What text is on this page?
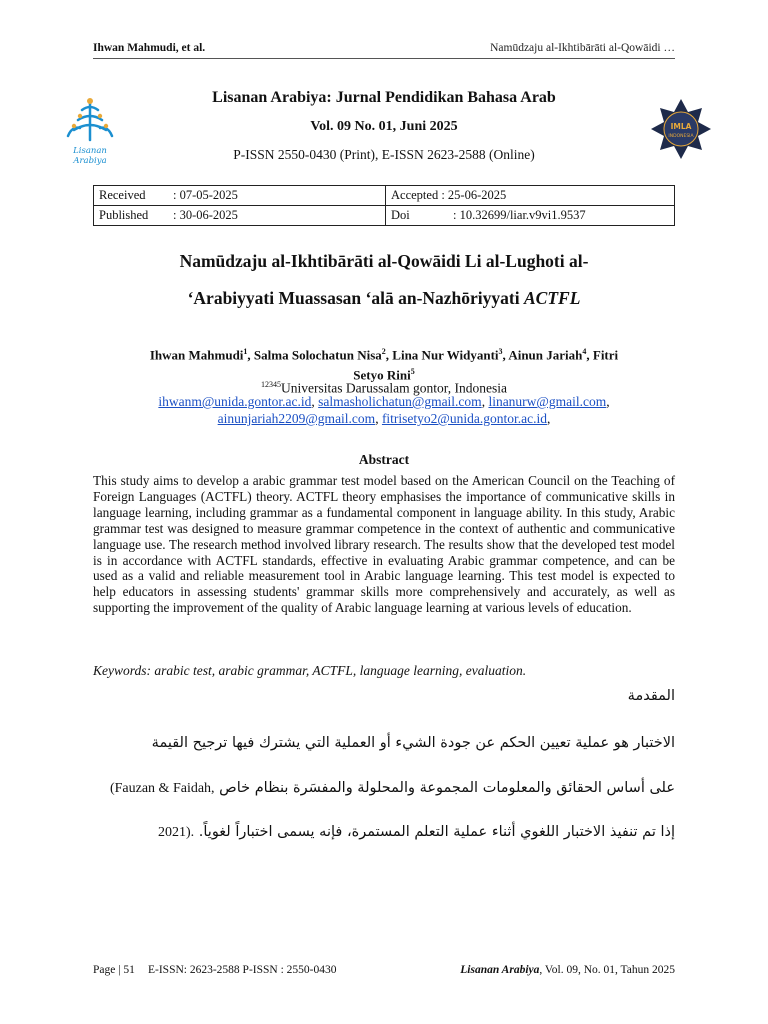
Ihwan Mahmudi, et al.	Namūdzaju al-Ikhtibārāti al-Qowāidi …
Lisanan Arabiya
IMLA
INDONESIA
Lisanan Arabiya: Jurnal Pendidikan Bahasa Arab
Vol. 09 No. 01, Juni 2025
P-ISSN 2550-0430 (Print), E-ISSN 2623-2588 (Online)
Received : 07-05-2025	Accepted : 25-06-2025
Published : 30-06-2025	Doi : 10.32699/liar.v9vi1.9537
Namūdzaju al-Ikhtibārāti al-Qowāidi Li al-Lughoti al-
‘Arabiyyati Muassasan ‘alā an-Nazhōriyyati ACTFL
Ihwan Mahmudi$^1$, Salma Solochatun Nisa$^2$, Lina Nur Widyanti$^3$, Ainun Jariah$^4$, Fitri
Setyo Rini$^5$
$^{12345}$Universitas Darussalam gontor, Indonesia
ihwanm@unida.gontor.ac.id, salmasholichatun@gmail.com, linanurw@gmail.com,
ainunjariah2209@gmail.com, fitrisetyo2@unida.gontor.ac.id,
Abstract
This study aims to develop a arabic grammar test model based on the American Council on the Teaching of Foreign Languages (ACTFL) theory. ACTFL theory emphasises the importance of communicative skills in language learning, including grammar as a fundamental component in language ability. In this study, Arabic grammar test was designed to measure grammar competence in the context of authentic and communicative language use. The research method involved library research. The results show that the developed test model is in accordance with ACTFL standards, effective in evaluating Arabic grammar competence, and can be used as a valid and reliable measurement tool in Arabic language learning. This test model is expected to help educators in assessing students' grammar skills more comprehensively and accurately, as well as supporting the improvement of the quality of Arabic language learning at various levels of education.
Keywords: arabic test, arabic grammar, ACTFL, language learning, evaluation.
المقدمة
الاختبار هو عملية تعيين الحكم عن جودة الشيء أو العملية التي يشترك فيها ترجيح القيمة
على أساس الحقائق والمعلومات المجموعة والمحلولة والمفسَرة بنظام خاص (Fauzan & Faidah,
إذا تم تنفيذ الاختبار اللغوي أثناء عملية التعلم المستمرة، فإنه يسمى اختباراً لغوياً. 2021).
Page | 51 E-ISSN: 2623-2588 P-ISSN : 2550-0430	Lisanan Arabiya, Vol. 09, No. 01, Tahun 2025
